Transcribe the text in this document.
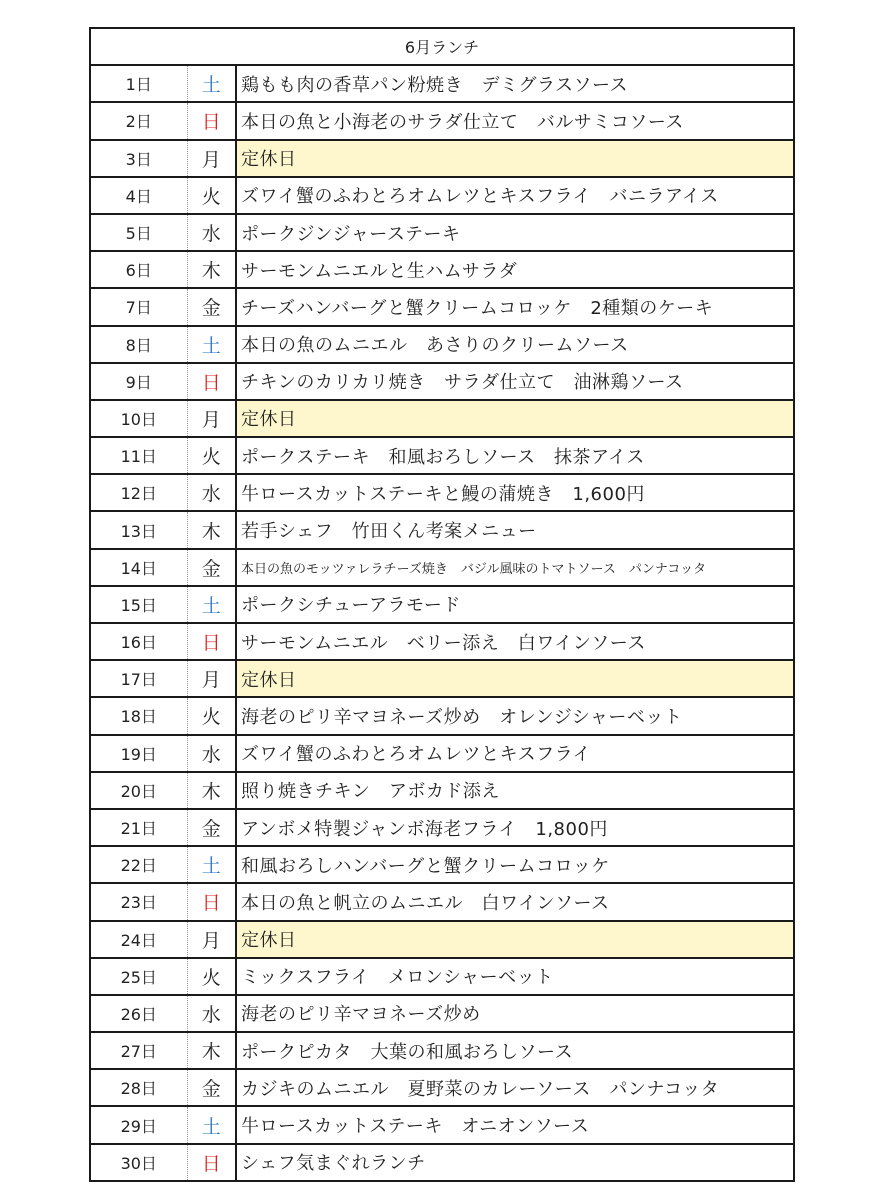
6月ランチ		
1日	土	鶏もも肉の香草パン粉焼き　デミグラスソース
2日	日	本日の魚と小海老のサラダ仕立て　バルサミコソース
3日	月	定休日
4日	火	ズワイ蟹のふわとろオムレツとキスフライ　バニラアイス
5日	水	ポークジンジャーステーキ
6日	木	サーモンムニエルと生ハムサラダ
7日	金	チーズハンバーグと蟹クリームコロッケ　2種類のケーキ
8日	土	本日の魚のムニエル　あさりのクリームソース
9日	日	チキンのカリカリ焼き　サラダ仕立て　油淋鶏ソース
10日	月	定休日
11日	火	ポークステーキ　和風おろしソース　抹茶アイス
12日	水	牛ロースカットステーキと鰻の蒲焼き　1,600円
13日	木	若手シェフ　竹田くん考案メニュー
14日	金	本日の魚のモッツァレラチーズ焼き　バジル風味のトマトソース　パンナコッタ
15日	土	ポークシチューアラモード
16日	日	サーモンムニエル　ベリー添え　白ワインソース
17日	月	定休日
18日	火	海老のピリ辛マヨネーズ炒め　オレンジシャーベット
19日	水	ズワイ蟹のふわとろオムレツとキスフライ
20日	木	照り焼きチキン　アボカド添え
21日	金	アンボメ特製ジャンボ海老フライ　1,800円
22日	土	和風おろしハンバーグと蟹クリームコロッケ
23日	日	本日の魚と帆立のムニエル　白ワインソース
24日	月	定休日
25日	火	ミックスフライ　メロンシャーベット
26日	水	海老のピリ辛マヨネーズ炒め
27日	木	ポークピカタ　大葉の和風おろしソース
28日	金	カジキのムニエル　夏野菜のカレーソース　パンナコッタ
29日	土	牛ロースカットステーキ　オニオンソース
30日	日	シェフ気まぐれランチ
